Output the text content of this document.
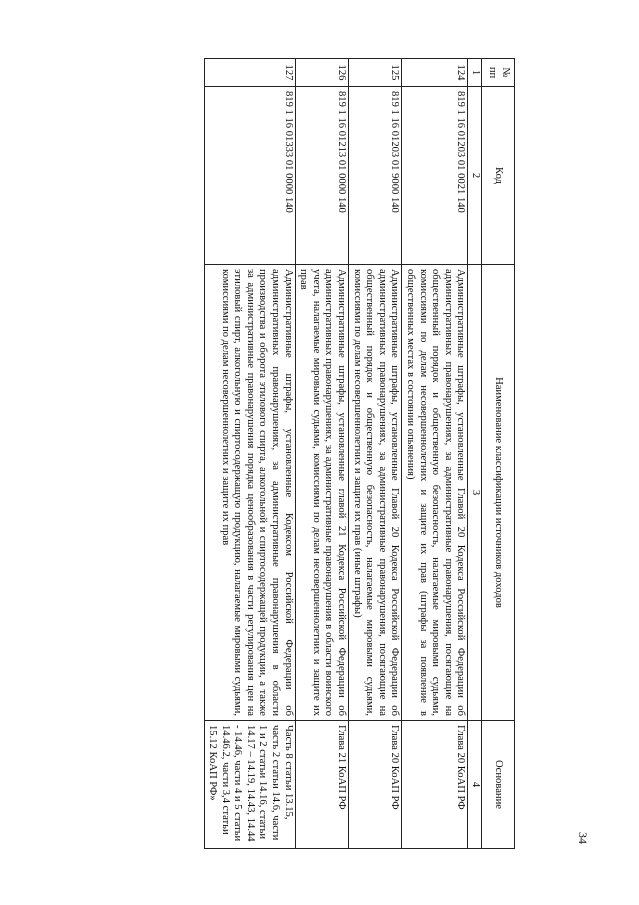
34
№ пп	Код	Наименование классификации источников доходов	Основание
1	2	3	4
124	819 1 16 01203 01 0021 140	Административные штрафы, установленные Главой 20 Кодекса Российской Федерации об административных правонарушениях, за административные правонарушения, посягающие на общественный порядок и общественную безопасность, налагаемые мировыми судьями, комиссиями по делам несовершеннолетних и защите их прав (штрафы за появление в общественных местах в состоянии опьянения)	Глава 20 КоАП РФ
125	819 1 16 01203 01 9000 140	Административные штрафы, установленные Главой 20 Кодекса Российской Федерации об административных правонарушениях, за административные правонарушения, посягающие на общественный порядок и общественную безопасность, налагаемые мировыми судьями, комиссиями по делам несовершеннолетних и защите их прав (иные штрафы)	Глава 20 КоАП РФ
126	819 1 16 01213 01 0000 140	Административные штрафы, установленные главой 21 Кодекса Российской Федерации об административных правонарушениях, за административные правонарушения в области воинского учета, налагаемые мировыми судьями, комиссиями по делам несовершеннолетних и защите их прав	Глава 21 КоАП РФ
127	819 1 16 01333 01 0000 140	Административные штрафы, установленные Кодексом Российской Федерации об административных правонарушениях, за административные правонарушения в области производства и оборота этилового спирта, алкогольной и спиртосодержащей продукции, а также за административные правонарушения порядка ценообразования в части регулирования цен на этиловый спирт, алкогольную и спиртосодержащую продукцию, налагаемые мировыми судьями, комиссиями по делам несовершеннолетних и защите их прав	Часть 8 статьи 13.15, часть 2 статьи 14.6, части 1 и 2 статьи 14.16, статьи 14.17 – 14.19, 14.43, 14.44 - 14.46, части 4 и 5 статьи 14.46.2, части 3,4 статьи 15.12 КоАП РФ»
